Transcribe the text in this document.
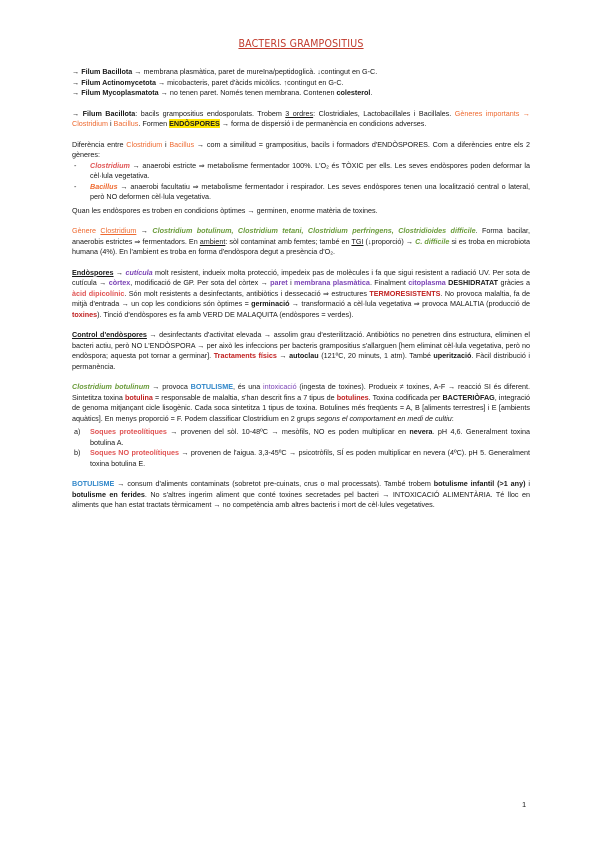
BACTERIS GRAMPOSITIUS

→ Filum Bacillota → membrana plasmàtica, paret de mureïna/peptidoglicà. ↓contingut en G-C.

→ Filum Actinomycetota → micobacteris, paret d'àcids micòlics. ↑contingut en G-C.

→ Filum Mycoplasmatota → no tenen paret. Només tenen membrana. Contenen colesterol.

→ Filum Bacillota: bacils grampositius endosporulats. Trobem 3 ordres: Clostridiales, Lactobacillales i Bacillales. Gèneres importants → Clostridium i Bacillus. Formen ENDÒSPORES → forma de dispersió i de permanència en condicions adverses.

Diferència entre Clostridium i Bacillus → com a similitud = grampositius, bacils i formadors d'ENDÒSPORES. Com a diferències entre els 2 gèneres:

- Clostridium → anaerobi estricte ⇒ metabolisme fermentador 100%. L'O₂ és TÒXIC per ells. Les seves endòspores poden deformar la cèl·lula vegetativa.
- Bacillus → anaerobi facultatiu ⇒ metabolisme fermentador i respirador. Les seves endòspores tenen una localització central o lateral, però NO deformen cèl·lula vegetativa.

Quan les endòspores es troben en condicions òptimes → germinen, enorme matèria de toxines.

Gènere Clostridium → Clostridium botulinum, Clostridium tetani, Clostridium perfringens, Clostridioides difficile. Forma bacilar, anaerobis estrictes ⇒ fermentadors. En ambient: sòl contaminat amb femtes; també en TGI (↓proporció) → C. difficile si es troba en microbiota humana (4%). En l'ambient es troba en forma d'endòspora degut a presència d'O₂.

Endòspores → cutícula molt resistent, indueix molta protecció, impedeix pas de molècules i fa que sigui resistent a radiació UV. Per sota de cutícula → còrtex, modificació de GP. Per sota del còrtex → paret i membrana plasmàtica. Finalment citoplasma DESHIDRATAT gràcies a àcid dipicolínic. Són molt resistents a desinfectants, antibiòtics i dessecació ⇒ estructures TERMORESISTENTS. No provoca malaltia, fa de mitjà d'entrada → un cop les condicions són òptimes = germinació → transformació a cèl·lula vegetativa ⇒ provoca MALALTIA (producció de toxines). Tinció d'endòspores es fa amb VERD DE MALAQUITA (endòspores = verdes).

Control d'endòspores → desinfectants d'activitat elevada → assolim grau d'esterilització. Antibiòtics no penetren dins estructura, eliminen el bacteri actiu, però NO L'ENDÒSPORA → per això les infeccions per bacteris grampositius s'allarguen [hem eliminat cèl·lula vegetativa, però no endòspora; aquesta pot tornar a germinar]. Tractaments físics → autoclau (121ºC, 20 minuts, 1 atm). També uperització. Fàcil distribució i permanència.

Clostridium botulinum → provoca BOTULISME, és una intoxicació (ingesta de toxines). Produeix ≠ toxines, A-F → reacció SI és diferent. Sintetitza toxina botulina = responsable de malaltia, s'han descrit fins a 7 tipus de botulines. Toxina codificada per BACTERIÒFAG, integració de genoma mitjançant cicle lisogènic. Cada soca sintetitza 1 tipus de toxina. Botulines més freqüents = A, B [aliments terrestres] i E [ambients aquàtics]. En menys proporció = F. Podem classificar Clostridium en 2 grups segons el comportament en medi de cultiu:

a) Soques proteolítiques → provenen del sòl. 10-48ºC → mesòfils, NO es poden multiplicar en nevera. pH 4,6. Generalment toxina botulina A.
b) Soques NO proteolítiques → provenen de l'aigua. 3,3-45ºC → psicotròfils, SÍ es poden multiplicar en nevera (4ºC). pH 5. Generalment toxina botulina E.

BOTULISME → consum d'aliments contaminats (sobretot pre-cuinats, crus o mal processats). També trobem botulisme infantil (>1 any) i botulisme en ferides. No s'altres ingerim aliment que conté toxines secretades pel bacteri → INTOXICACIÓ ALIMENTÀRIA. Té lloc en aliments que han estat tractats tèrmicament → no competència amb altres bacteris i mort de cèl·lules vegetatives.

1
